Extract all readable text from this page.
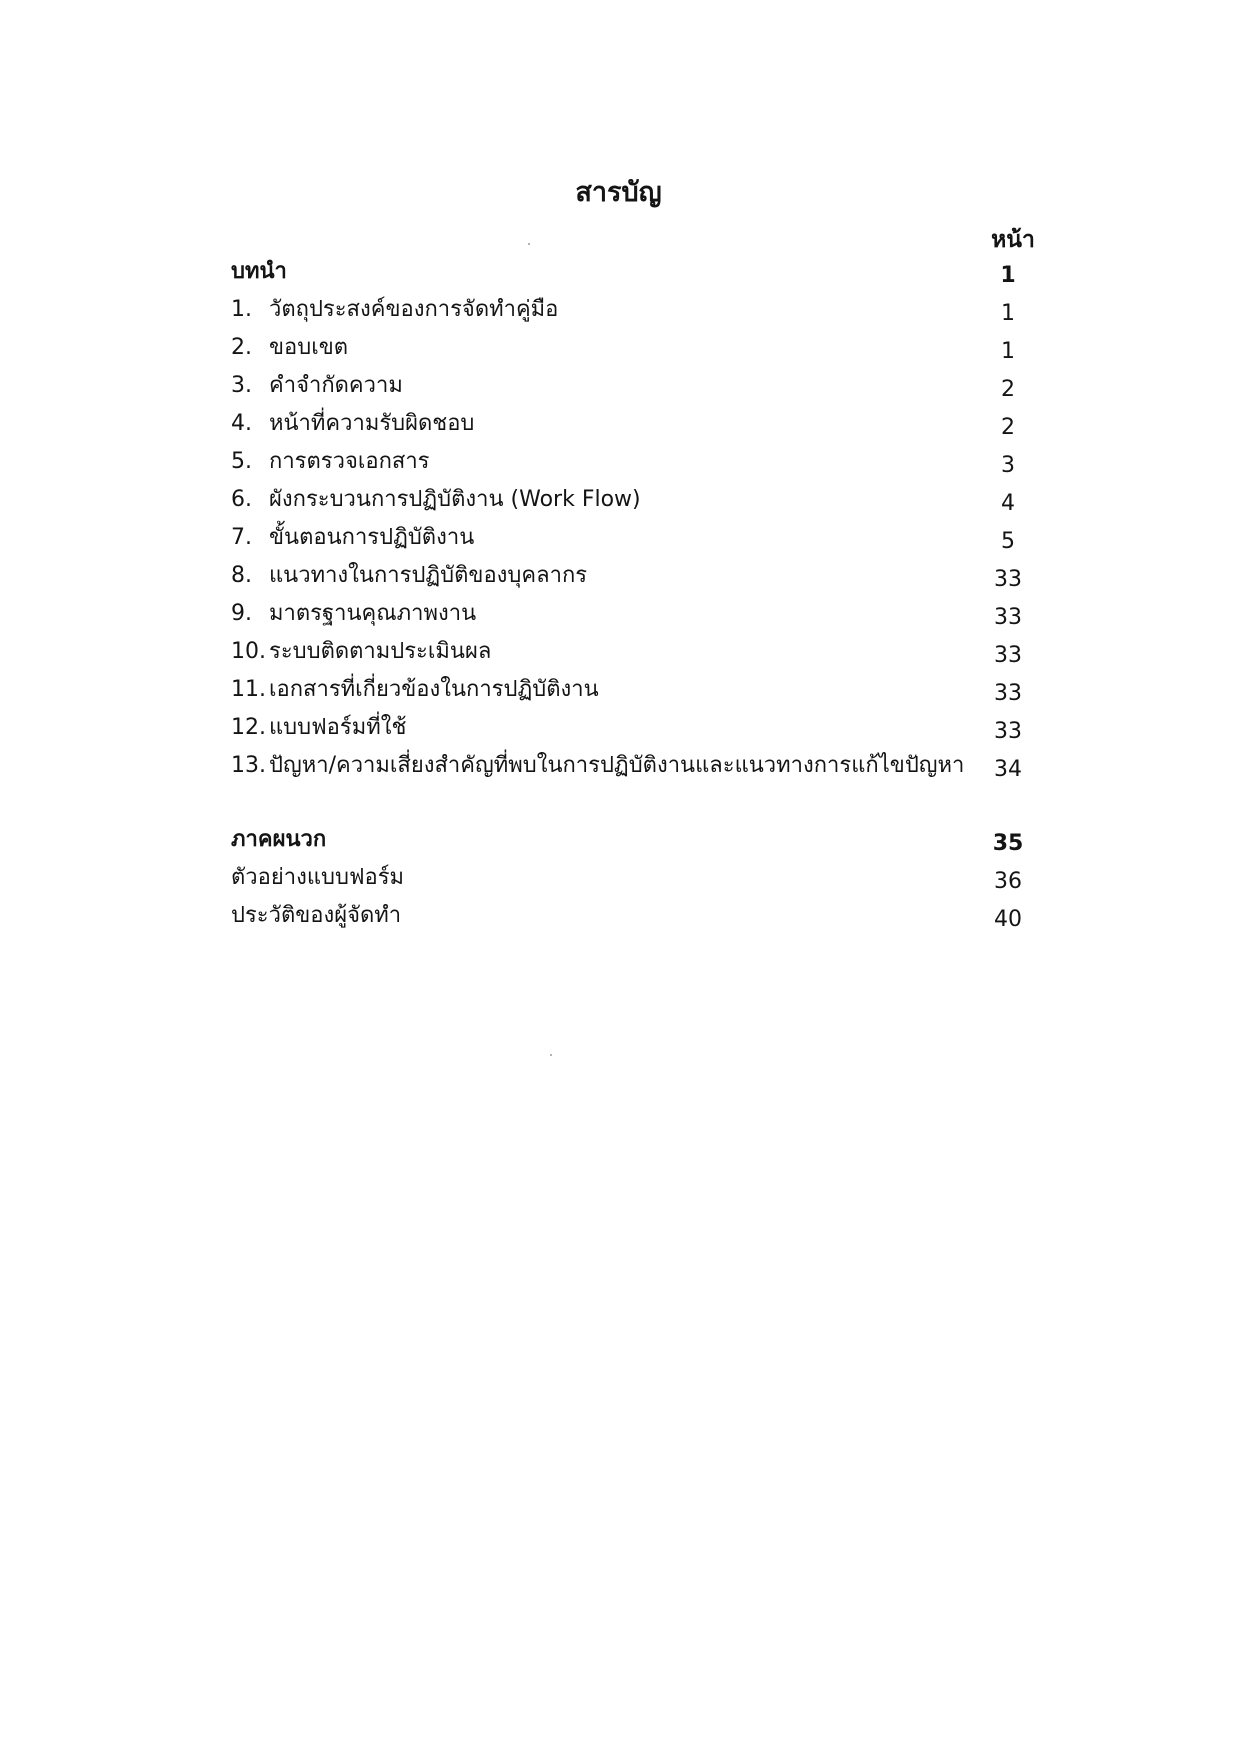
สารบัญ
หน้า
บทนำ	1
1. วัตถุประสงค์ของการจัดทำคู่มือ	1
2. ขอบเขต	1
3. คำจำกัดความ	2
4. หน้าที่ความรับผิดชอบ	2
5. การตรวจเอกสาร	3
6. ผังกระบวนการปฏิบัติงาน (Work Flow)	4
7. ขั้นตอนการปฏิบัติงาน	5
8. แนวทางในการปฏิบัติของบุคลากร	33
9. มาตรฐานคุณภาพงาน	33
10. ระบบติดตามประเมินผล	33
11. เอกสารที่เกี่ยวข้องในการปฏิบัติงาน	33
12. แบบฟอร์มที่ใช้	33
13. ปัญหา/ความเสี่ยงสำคัญที่พบในการปฏิบัติงานและแนวทางการแก้ไขปัญหา	34
ภาคผนวก	35
ตัวอย่างแบบฟอร์ม	36
ประวัติของผู้จัดทำ	40
